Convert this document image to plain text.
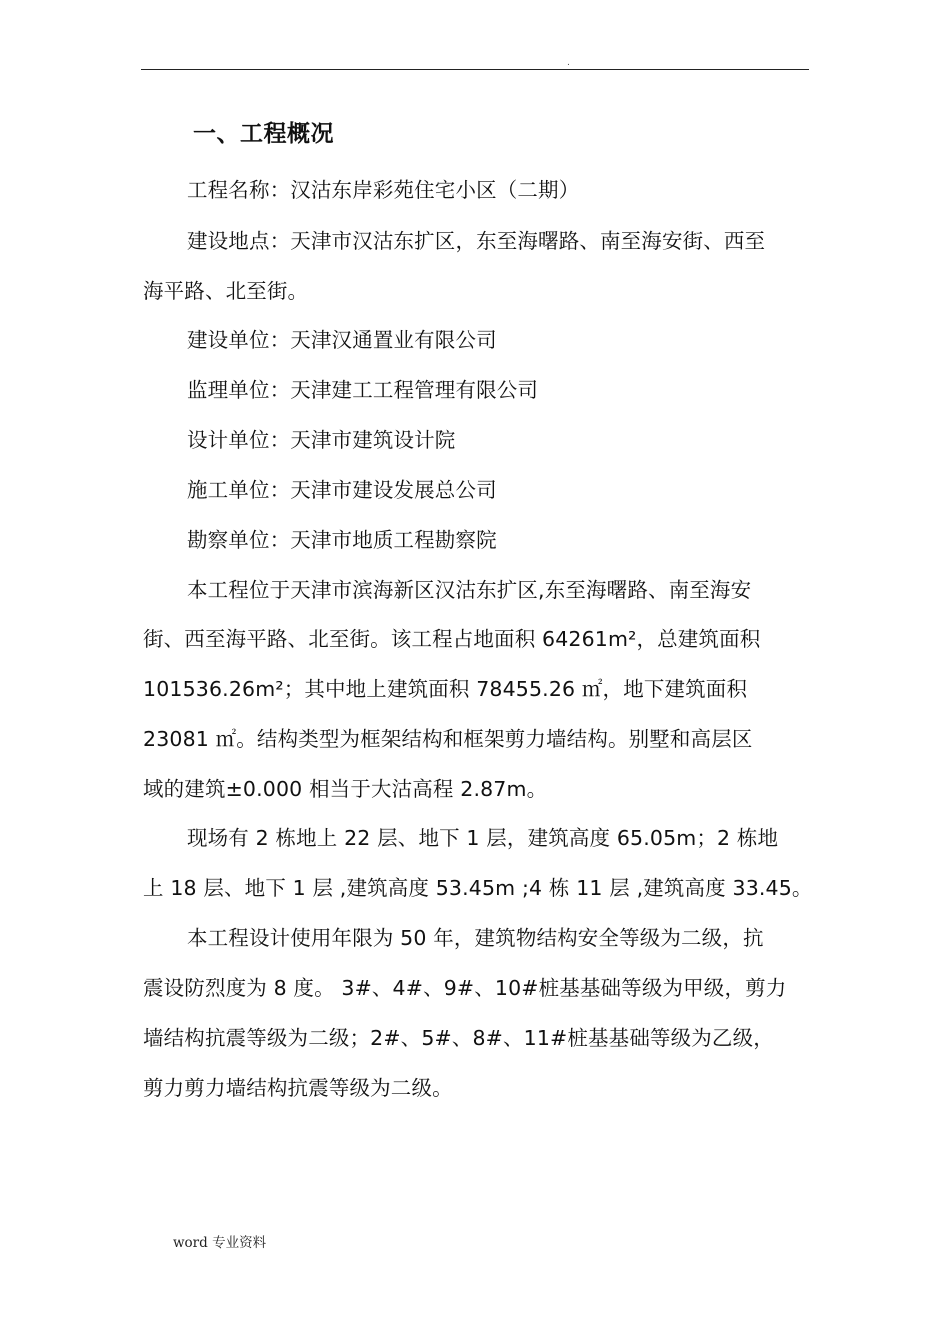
.
一、工程概况
工程名称：汉沽东岸彩苑住宅小区（二期）
建设地点：天津市汉沽东扩区，东至海曙路、南至海安街、西至
海平路、北至街。
建设单位：天津汉通置业有限公司
监理单位：天津建工工程管理有限公司
设计单位：天津市建筑设计院
施工单位：天津市建设发展总公司
勘察单位：天津市地质工程勘察院
本工程位于天津市滨海新区汉沽东扩区,东至海曙路、南至海安
街、西至海平路、北至街。该工程占地面积 64261m²，总建筑面积
101536.26m²；其中地上建筑面积 78455.26 ㎡，地下建筑面积
23081 ㎡。结构类型为框架结构和框架剪力墙结构。别墅和高层区
域的建筑±0.000 相当于大沽高程 2.87m。
现场有 2 栋地上 22 层、地下 1 层，建筑高度 65.05m；2 栋地
上 18 层、地下 1 层 ,建筑高度 53.45m ;4 栋 11 层 ,建筑高度 33.45。
本工程设计使用年限为 50 年，建筑物结构安全等级为二级，抗
震设防烈度为 8 度。 3#、4#、9#、10#桩基基础等级为甲级，剪力
墙结构抗震等级为二级；2#、5#、8#、11#桩基基础等级为乙级，
剪力剪力墙结构抗震等级为二级。
word 专业资料
